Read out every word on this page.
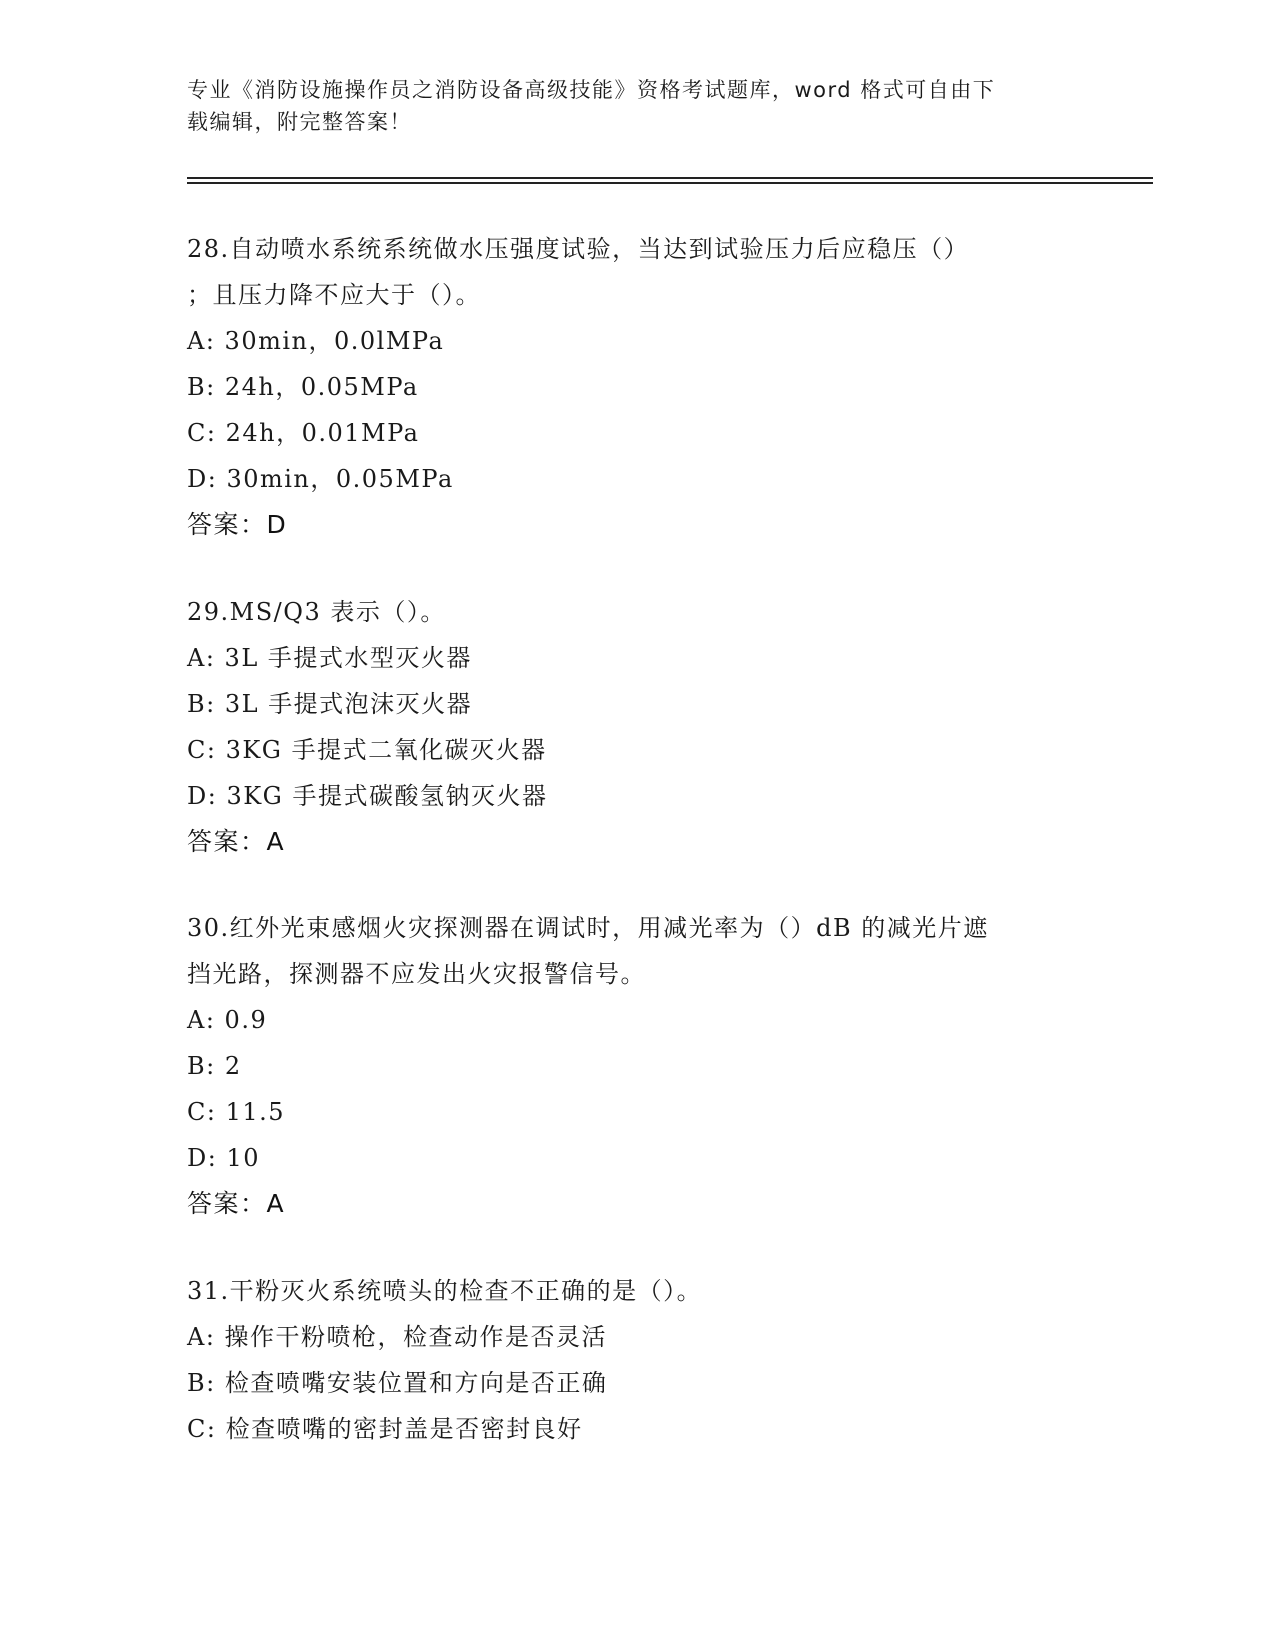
专业《消防设施操作员之消防设备高级技能》资格考试题库，word 格式可自由下
载编辑，附完整答案！
28.自动喷水系统系统做水压强度试验，当达到试验压力后应稳压（）
；且压力降不应大于（）。
A: 30min，0.0lMPa
B: 24h，0.05MPa
C: 24h，0.01MPa
D: 30min，0.05MPa
答案：D
29.MS/Q3 表示（）。
A: 3L 手提式水型灭火器
B: 3L 手提式泡沫灭火器
C: 3KG 手提式二氧化碳灭火器
D: 3KG 手提式碳酸氢钠灭火器
答案：A
30.红外光束感烟火灾探测器在调试时，用减光率为（）dB 的减光片遮
挡光路，探测器不应发出火灾报警信号。
A: 0.9
B: 2
C: 11.5
D: 10
答案：A
31.干粉灭火系统喷头的检查不正确的是（）。
A: 操作干粉喷枪，检查动作是否灵活
B: 检查喷嘴安装位置和方向是否正确
C: 检查喷嘴的密封盖是否密封良好
